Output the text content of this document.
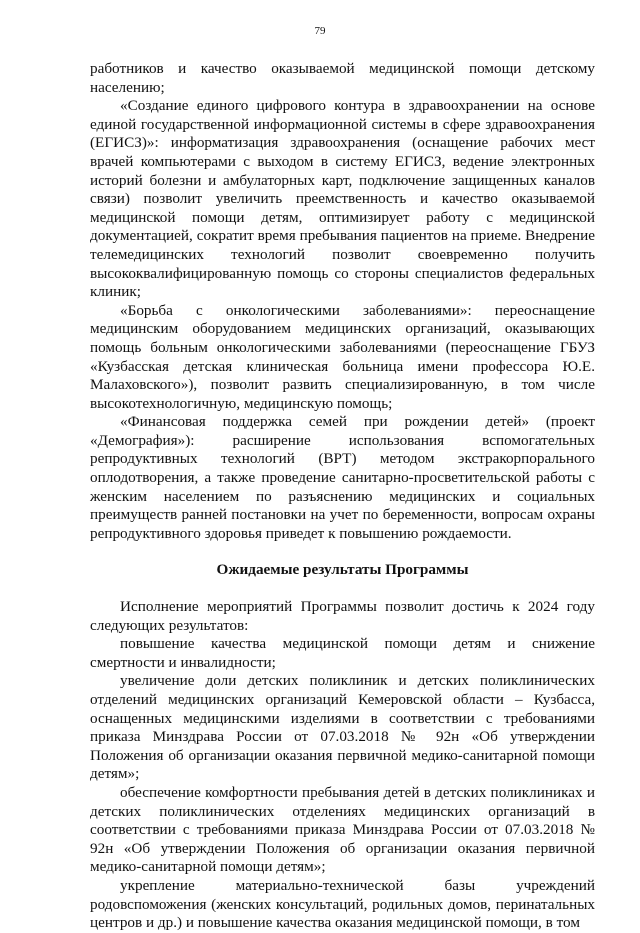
79

работников и качество оказываемой медицинской помощи детскому населению;

«Создание единого цифрового контура в здравоохранении на основе единой государственной информационной системы в сфере здравоохранения (ЕГИСЗ)»: информатизация здравоохранения (оснащение рабочих мест врачей компьютерами с выходом в систему ЕГИСЗ, ведение электронных историй болезни и амбулаторных карт, подключение защищенных каналов связи) позволит увеличить преемственность и качество оказываемой медицинской помощи детям, оптимизирует работу с медицинской документацией, сократит время пребывания пациентов на приеме. Внедрение телемедицинских технологий позволит своевременно получить высококвалифицированную помощь со стороны специалистов федеральных клиник;

«Борьба с онкологическими заболеваниями»: переоснащение медицинским оборудованием медицинских организаций, оказывающих помощь больным онкологическими заболеваниями (переоснащение ГБУЗ «Кузбасская детская клиническая больница имени профессора Ю.Е. Малаховского»), позволит развить специализированную, в том числе высокотехнологичную, медицинскую помощь;

«Финансовая поддержка семей при рождении детей» (проект «Демография»): расширение использования вспомогательных репродуктивных технологий (ВРТ) методом экстракорпорального оплодотворения, а также проведение санитарно-просветительской работы с женским населением по разъяснению медицинских и социальных преимуществ ранней постановки на учет по беременности, вопросам охраны репродуктивного здоровья приведет к повышению рождаемости.

Ожидаемые результаты Программы

Исполнение мероприятий Программы позволит достичь к 2024 году следующих результатов:

повышение качества медицинской помощи детям и снижение смертности и инвалидности;

увеличение доли детских поликлиник и детских поликлинических отделений медицинских организаций Кемеровской области – Кузбасса, оснащенных медицинскими изделиями в соответствии с требованиями приказа Минздрава России от 07.03.2018 № 92н «Об утверждении Положения об организации оказания первичной медико-санитарной помощи детям»;

обеспечение комфортности пребывания детей в детских поликлиниках и детских поликлинических отделениях медицинских организаций в соответствии с требованиями приказа Минздрава России от 07.03.2018 № 92н «Об утверждении Положения об организации оказания первичной медико-санитарной помощи детям»;

укрепление материально-технической базы учреждений родовспоможения (женских консультаций, родильных домов, перинатальных центров и др.) и повышение качества оказания медицинской помощи, в том
